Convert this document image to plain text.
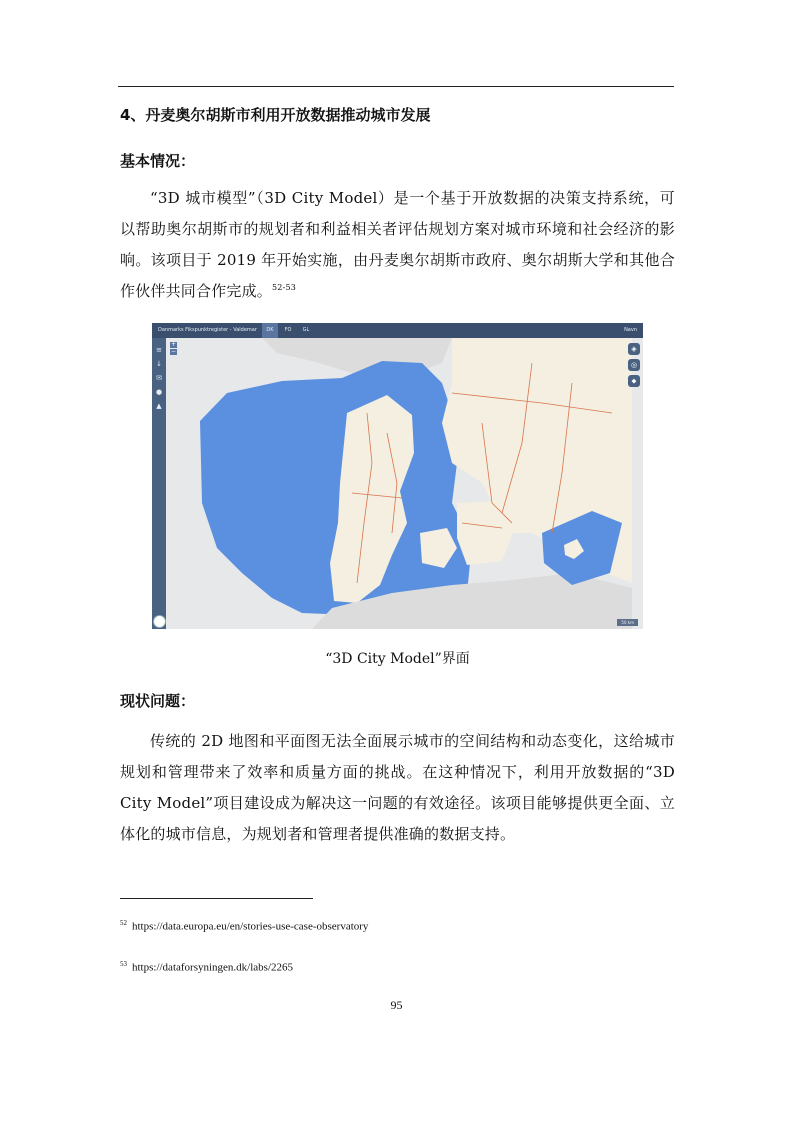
4、丹麦奥尔胡斯市利用开放数据推动城市发展
基本情况：

“3D 城市模型”（3D City Model）是一个基于开放数据的决策支持系统，可以帮助奥尔胡斯市的规划者和利益相关者评估规划方案对城市环境和社会经济的影响。该项目于 2019 年开始实施，由丹麦奥尔胡斯市政府、奥尔胡斯大学和其他合作伙伴共同合作完成。$^{52-53}$

Danmarks Fikspunktregister - Valdemar	DK	FO	GL	Navn
≡
↓
✉
●
▲
+
−	◈
◎
⬥
50 km
“3D City Model”界面
现状问题：

传统的 2D 地图和平面图无法全面展示城市的空间结构和动态变化，这给城市规划和管理带来了效率和质量方面的挑战。在这种情况下，利用开放数据的“3D City Model”项目建设成为解决这一问题的有效途径。该项目能够提供更全面、立体化的城市信息，为规划者和管理者提供准确的数据支持。

$^{52}$ https://data.europa.eu/en/stories-use-case-observatory
$^{53}$ https://dataforsyningen.dk/labs/2265
95
